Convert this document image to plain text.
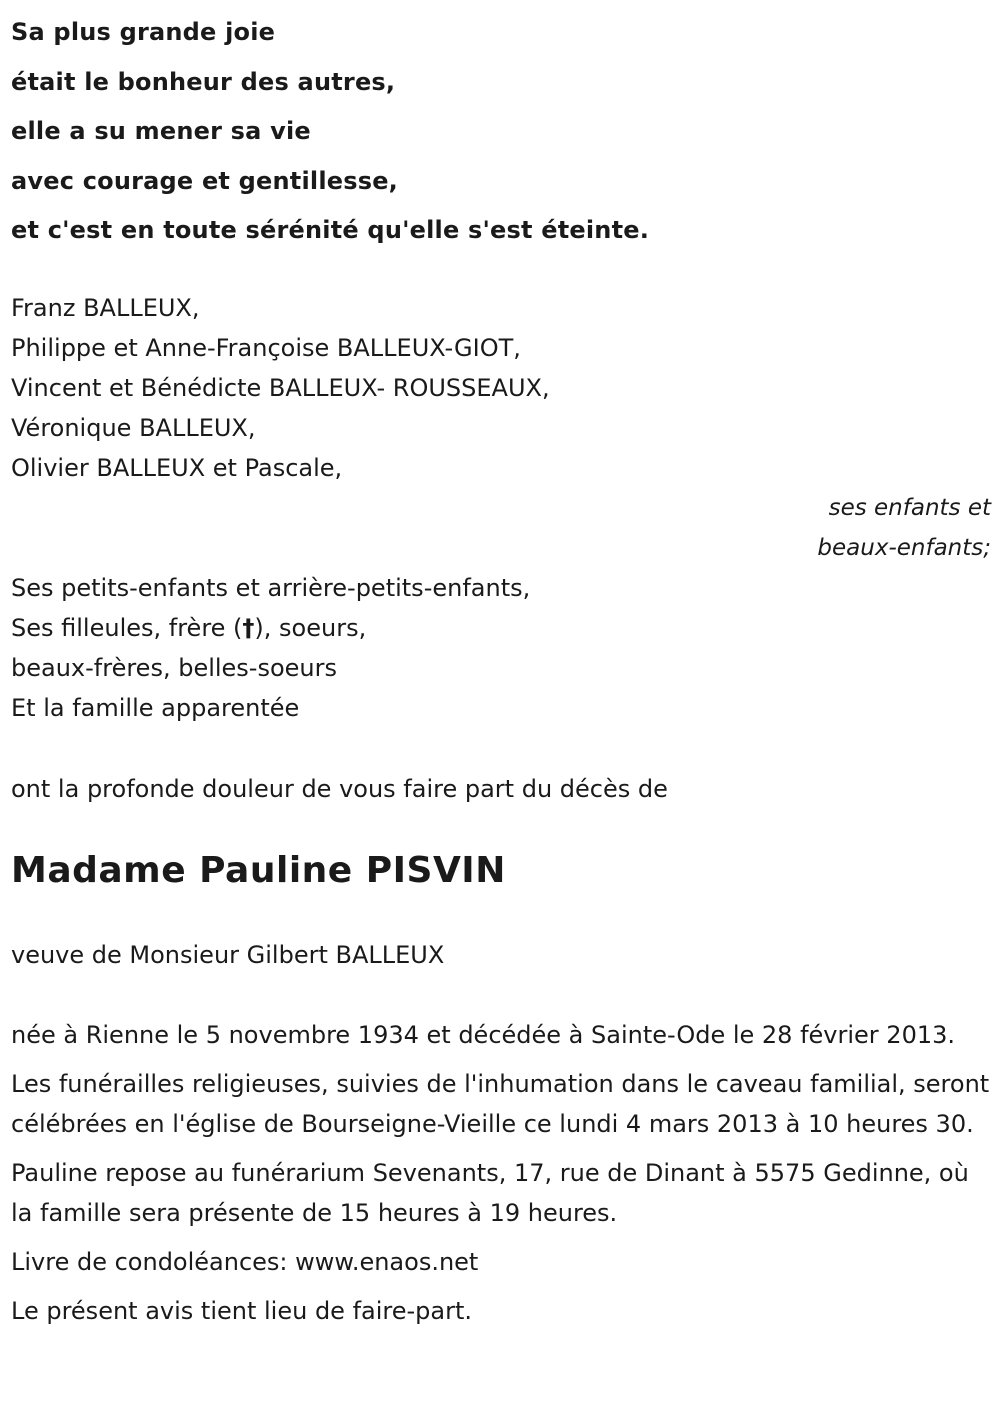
Sa plus grande joie
était le bonheur des autres,
elle a su mener sa vie
avec courage et gentillesse,
et c'est en toute sérénité qu'elle s'est éteinte.
Franz BALLEUX,
Philippe et Anne-Françoise BALLEUX-GIOT,
Vincent et Bénédicte BALLEUX- ROUSSEAUX,
Véronique BALLEUX,
Olivier BALLEUX et Pascale,
ses enfants et
beaux-enfants;
Ses petits-enfants et arrière-petits-enfants,
Ses filleules, frère (†), soeurs,
beaux-frères, belles-soeurs
Et la famille apparentée
ont la profonde douleur de vous faire part du décès de
Madame Pauline PISVIN
veuve de Monsieur Gilbert BALLEUX
née à Rienne le 5 novembre 1934 et décédée à Sainte-Ode le 28 février 2013.
Les funérailles religieuses, suivies de l'inhumation dans le caveau familial, seront célébrées en l'église de Bourseigne-Vieille ce lundi 4 mars 2013 à 10 heures 30.
Pauline repose au funérarium Sevenants, 17, rue de Dinant à 5575 Gedinne, où la famille sera présente de 15 heures à 19 heures.
Livre de condoléances: www.enaos.net
Le présent avis tient lieu de faire-part.
